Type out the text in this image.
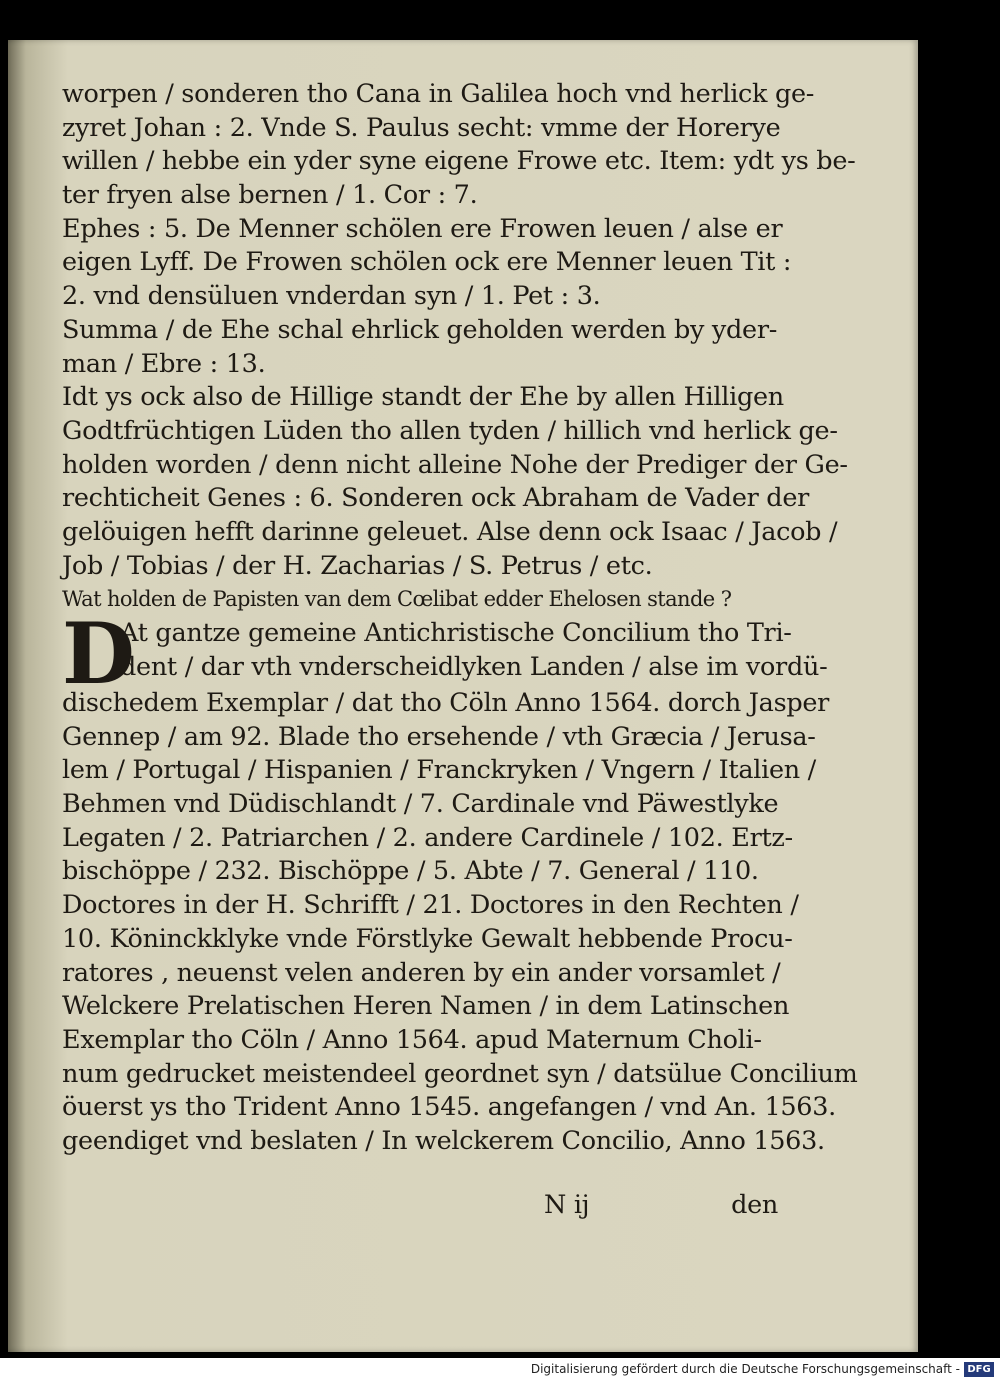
worpen / sonderen tho Cana in Galilea hoch vnd herlick ge-
zyret Johan : 2. Vnde S. Paulus secht: vmme der Horerye
willen / hebbe ein yder syne eigene Frowe etc. Item: ydt ys be-
ter fryen alse bernen / 1. Cor : 7.
Ephes : 5. De Menner schölen ere Frowen leuen / alse er
eigen Lyff. De Frowen schölen ock ere Menner leuen Tit :
2. vnd densüluen vnderdan syn / 1. Pet : 3.
Summa / de Ehe schal ehrlick geholden werden by yder-
man / Ebre : 13.
Idt ys ock also de Hillige standt der Ehe by allen Hilligen
Godtfrüchtigen Lüden tho allen tyden / hillich vnd herlick ge-
holden worden / denn nicht alleine Nohe der Prediger der Ge-
rechticheit Genes : 6. Sonderen ock Abraham de Vader der
gelöuigen hefft darinne geleuet. Alse denn ock Isaac / Jacob /
Job / Tobias / der H. Zacharias / S. Petrus / etc.
Wat holden de Papisten van dem Cœlibat edder Ehelosen stande ?
D
At gantze gemeine Antichristische Concilium tho Tri-
dent / dar vth vnderscheidlyken Landen / alse im vordü-
dischedem Exemplar / dat tho Cöln Anno 1564. dorch Jasper
Gennep / am 92. Blade tho ersehende / vth Græcia / Jerusa-
lem / Portugal / Hispanien / Franckryken / Vngern / Italien /
Behmen vnd Düdischlandt / 7. Cardinale vnd Päwestlyke
Legaten / 2. Patriarchen / 2. andere Cardinele / 102. Ertz-
bischöppe / 232. Bischöppe / 5. Abte / 7. General / 110.
Doctores in der H. Schrifft / 21. Doctores in den Rechten /
10. Köninckklyke vnde Förstlyke Gewalt hebbende Procu-
ratores , neuenst velen anderen by ein ander vorsamlet /
Welckere Prelatischen Heren Namen / in dem Latinschen
Exemplar tho Cöln / Anno 1564. apud Maternum Choli-
num gedrucket meistendeel geordnet syn / datsülue Concilium
öuerst ys tho Trident Anno 1545. angefangen / vnd An. 1563.
geendiget vnd beslaten / In welckerem Concilio, Anno 1563.
N ij	den
Digitalisierung gefördert durch die Deutsche Forschungsgemeinschaft - DFG
